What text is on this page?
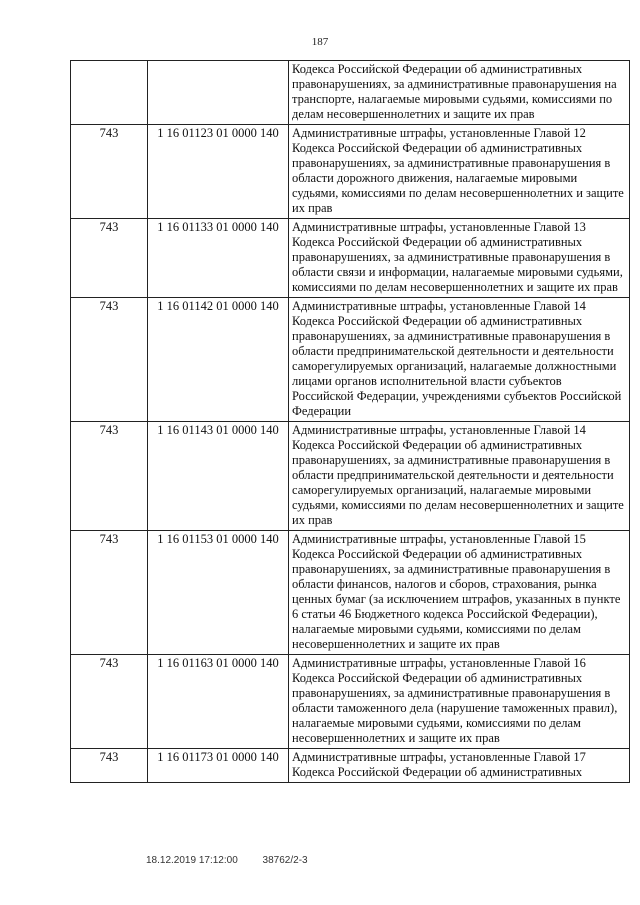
187
		Кодекса Российской Федерации об административных правонарушениях, за административные правонарушения на транспорте, налагаемые мировыми судьями, комиссиями по делам несовершеннолетних и защите их прав
743	1 16 01123 01 0000 140	Административные штрафы, установленные Главой 12 Кодекса Российской Федерации об административных правонарушениях, за административные правонарушения в области дорожного движения, налагаемые мировыми судьями, комиссиями по делам несовершеннолетних и защите их прав
743	1 16 01133 01 0000 140	Административные штрафы, установленные Главой 13 Кодекса Российской Федерации об административных правонарушениях, за административные правонарушения в области связи и информации, налагаемые мировыми судьями, комиссиями по делам несовершеннолетних и защите их прав
743	1 16 01142 01 0000 140	Административные штрафы, установленные Главой 14 Кодекса Российской Федерации об административных правонарушениях, за административные правонарушения в области предпринимательской деятельности и деятельности саморегулируемых организаций, налагаемые должностными лицами органов исполнительной власти субъектов Российской Федерации, учреждениями субъектов Российской Федерации
743	1 16 01143 01 0000 140	Административные штрафы, установленные Главой 14 Кодекса Российской Федерации об административных правонарушениях, за административные правонарушения в области предпринимательской деятельности и деятельности саморегулируемых организаций, налагаемые мировыми судьями, комиссиями по делам несовершеннолетних и защите их прав
743	1 16 01153 01 0000 140	Административные штрафы, установленные Главой 15 Кодекса Российской Федерации об административных правонарушениях, за административные правонарушения в области финансов, налогов и сборов, страхования, рынка ценных бумаг (за исключением штрафов, указанных в пункте 6 статьи 46 Бюджетного кодекса Российской Федерации), налагаемые мировыми судьями, комиссиями по делам несовершеннолетних и защите их прав
743	1 16 01163 01 0000 140	Административные штрафы, установленные Главой 16 Кодекса Российской Федерации об административных правонарушениях, за административные правонарушения в области таможенного дела (нарушение таможенных правил), налагаемые мировыми судьями, комиссиями по делам несовершеннолетних и защите их прав
743	1 16 01173 01 0000 140	Административные штрафы, установленные Главой 17 Кодекса Российской Федерации об административных
18.12.2019 17:12:00 38762/2-3
